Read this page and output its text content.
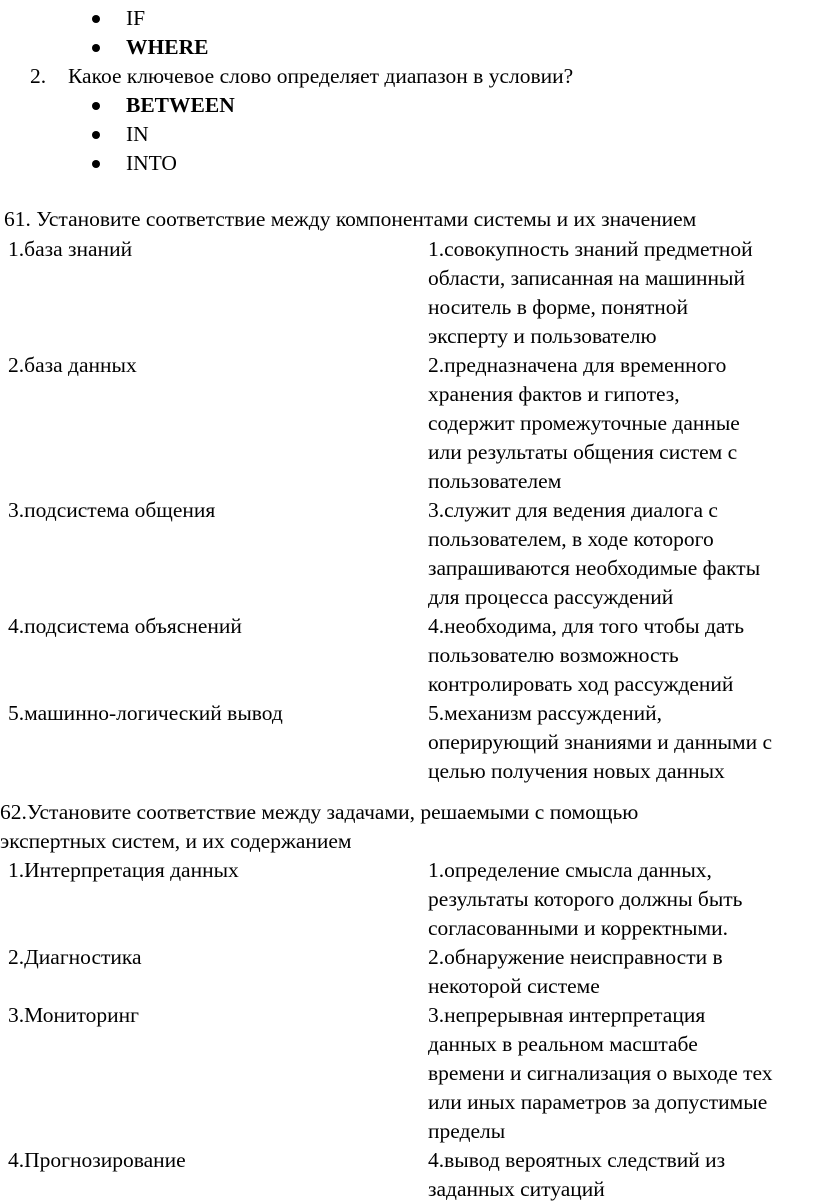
IF
WHERE
2. Какое ключевое слово определяет диапазон в условии?
BETWEEN
IN
INTO
61. Установите соответствие между компонентами системы и их значением
1.база знаний	1.совокупность знаний предметной
области, записанная на машинный
носитель в форме, понятной
эксперту и пользователю
2.база данных	2.предназначена для временного
хранения фактов и гипотез,
содержит промежуточные данные
или результаты общения систем с
пользователем
3.подсистема общения	3.служит для ведения диалога с
пользователем, в ходе которого
запрашиваются необходимые факты
для процесса рассуждений
4.подсистема объяснений	4.необходима, для того чтобы дать
пользователю возможность
контролировать ход рассуждений
5.машинно-логический вывод	5.механизм рассуждений,
оперирующий знаниями и данными с
целью получения новых данных
62.Установите соответствие между задачами, решаемыми с помощью
экспертных систем, и их содержанием
1.Интерпретация данных	1.определение смысла данных,
результаты которого должны быть
согласованными и корректными.
2.Диагностика	2.обнаружение неисправности в
некоторой системе
3.Мониторинг	3.непрерывная интерпретация
данных в реальном масштабе
времени и сигнализация о выходе тех
или иных параметров за допустимые
пределы
4.Прогнозирование	4.вывод вероятных следствий из
заданных ситуаций
